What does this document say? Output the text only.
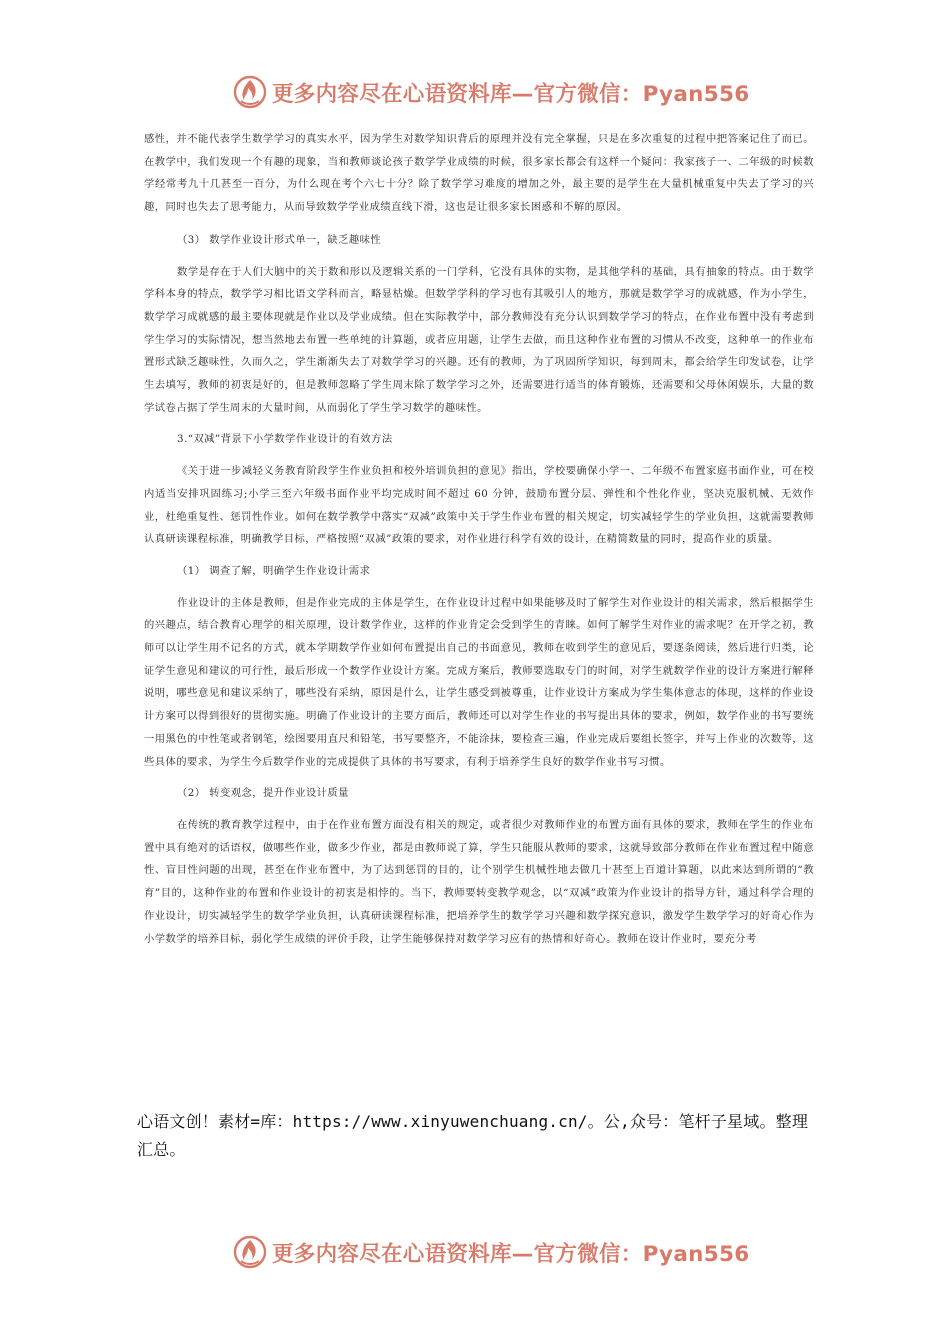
更多内容尽在心语资料库—官方微信：Pyan556

感性，并不能代表学生数学学习的真实水平，因为学生对数学知识背后的原理并没有完全掌握，只是在多次重复的过程中把答案记住了而已。在教学中，我们发现一个有趣的现象，当和教师谈论孩子数学学业成绩的时候，很多家长都会有这样一个疑问：我家孩子一、二年级的时候数学经常考九十几甚至一百分，为什么现在考个六七十分？除了数学学习难度的增加之外，最主要的是学生在大量机械重复中失去了学习的兴趣，同时也失去了思考能力，从而导致数学学业成绩直线下滑，这也是让很多家长困惑和不解的原因。

（3） 数学作业设计形式单一，缺乏趣味性

数学是存在于人们大脑中的关于数和形以及逻辑关系的一门学科，它没有具体的实物，是其他学科的基础，具有抽象的特点。由于数学学科本身的特点，数学学习相比语文学科而言，略显枯燥。但数学学科的学习也有其吸引人的地方，那就是数学学习的成就感，作为小学生，数学学习成就感的最主要体现就是作业以及学业成绩。但在实际教学中，部分教师没有充分认识到数学学习的特点，在作业布置中没有考虑到学生学习的实际情况，想当然地去布置一些单纯的计算题，或者应用题，让学生去做，而且这种作业布置的习惯从不改变，这种单一的作业布置形式缺乏趣味性，久而久之，学生渐渐失去了对数学学习的兴趣。还有的教师，为了巩固所学知识，每到周末，都会给学生印发试卷，让学生去填写，教师的初衷是好的，但是教师忽略了学生周末除了数学学习之外，还需要进行适当的体育锻炼，还需要和父母休闲娱乐，大量的数学试卷占据了学生周末的大量时间，从而弱化了学生学习数学的趣味性。

3.“双减”背景下小学数学作业设计的有效方法

《关于进一步减轻义务教育阶段学生作业负担和校外培训负担的意见》指出，学校要确保小学一、二年级不布置家庭书面作业，可在校内适当安排巩固练习;小学三至六年级书面作业平均完成时间不超过 60 分钟，鼓励布置分层、弹性和个性化作业，坚决克服机械、无效作业，杜绝重复性、惩罚性作业。如何在数学教学中落实“双减”政策中关于学生作业布置的相关规定，切实减轻学生的学业负担，这就需要教师认真研读课程标准，明确教学目标，严格按照“双减”政策的要求，对作业进行科学有效的设计，在精简数量的同时，提高作业的质量。

（1） 调查了解，明确学生作业设计需求

作业设计的主体是教师，但是作业完成的主体是学生，在作业设计过程中如果能够及时了解学生对作业设计的相关需求，然后根据学生的兴趣点，结合教育心理学的相关原理，设计数学作业，这样的作业肯定会受到学生的青睐。如何了解学生对作业的需求呢？在开学之初，教师可以让学生用不记名的方式，就本学期数学作业如何布置提出自己的书面意见，教师在收到学生的意见后，要逐条阅读，然后进行归类，论证学生意见和建议的可行性，最后形成一个数学作业设计方案。完成方案后，教师要选取专门的时间，对学生就数学作业的设计方案进行解释说明，哪些意见和建议采纳了，哪些没有采纳，原因是什么，让学生感受到被尊重，让作业设计方案成为学生集体意志的体现，这样的作业设计方案可以得到很好的贯彻实施。明确了作业设计的主要方面后，教师还可以对学生作业的书写提出具体的要求，例如，数学作业的书写要统一用黑色的中性笔或者钢笔，绘图要用直尺和铅笔，书写要整齐，不能涂抹，要检查三遍，作业完成后要组长签字，并写上作业的次数等，这些具体的要求，为学生今后数学作业的完成提供了具体的书写要求，有利于培养学生良好的数学作业书写习惯。

（2） 转变观念，提升作业设计质量

在传统的教育教学过程中，由于在作业布置方面没有相关的规定，或者很少对教师作业的布置方面有具体的要求，教师在学生的作业布置中具有绝对的话语权，做哪些作业，做多少作业，都是由教师说了算，学生只能服从教师的要求，这就导致部分教师在作业布置过程中随意性、盲目性问题的出现，甚至在作业布置中，为了达到惩罚的目的，让个别学生机械性地去做几十甚至上百道计算题，以此来达到所谓的“教育”目的，这种作业的布置和作业设计的初衷是相悖的。当下，教师要转变教学观念，以“双减”政策为作业设计的指导方针，通过科学合理的作业设计，切实减轻学生的数学学业负担，认真研读课程标准，把培养学生的数学学习兴趣和数学探究意识，激发学生数学学习的好奇心作为小学数学的培养目标，弱化学生成绩的评价手段，让学生能够保持对数学学习应有的热情和好奇心。教师在设计作业时，要充分考

心语文创！素材=库：https://www.xinyuwenchuang.cn/。公,众号：笔杆子星域。整理汇总。
更多内容尽在心语资料库—官方微信：Pyan556
